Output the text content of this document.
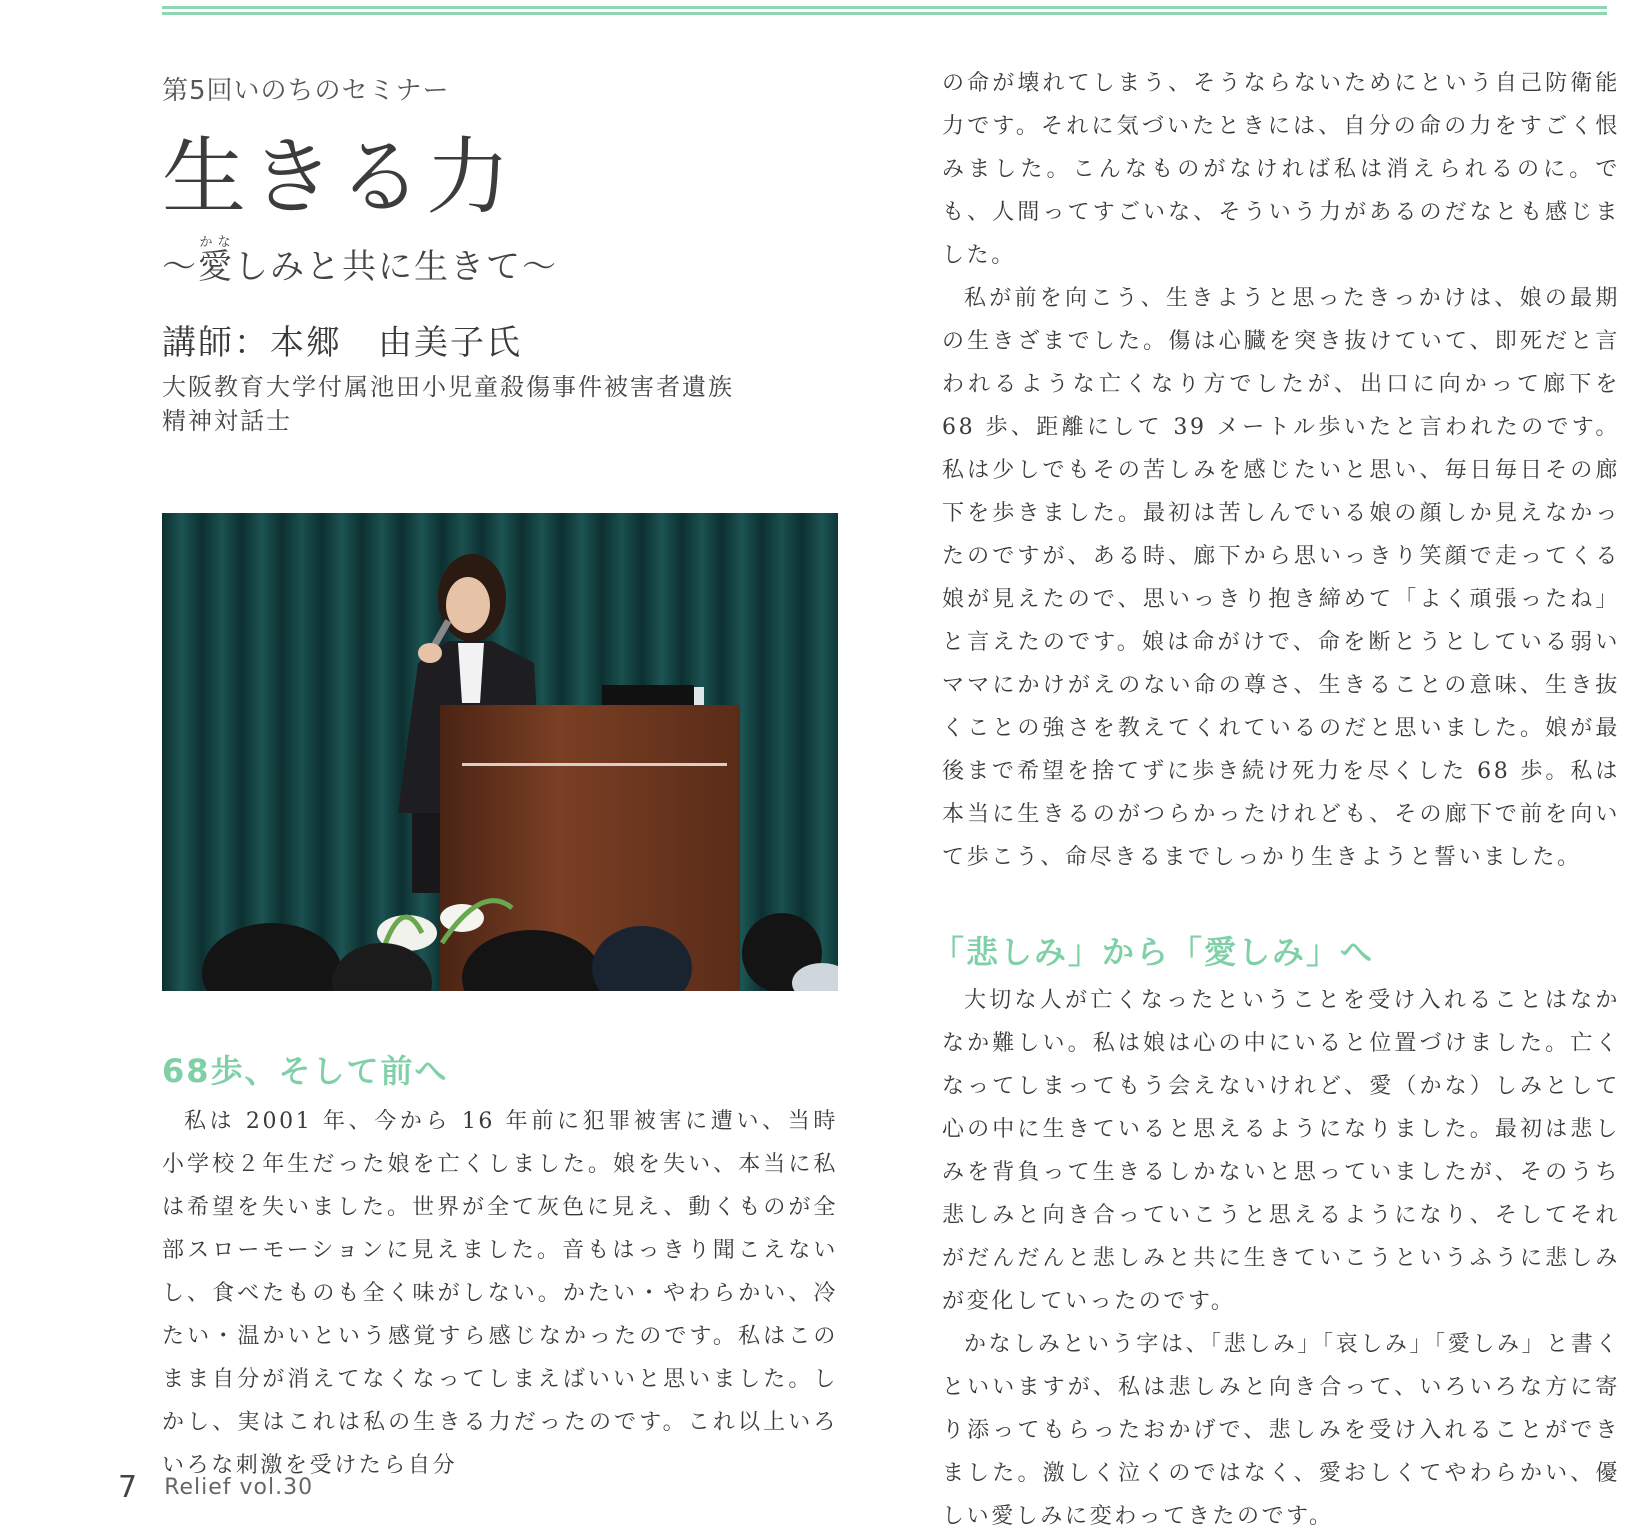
第5回いのちのセミナー

生きる力

～愛かなしみと共に生きて～

講師：本郷　由美子氏

大阪教育大学付属池田小児童殺傷事件被害者遺族
精神対話士

68歩、そして前へ

私は 2001 年、今から 16 年前に犯罪被害に遭い、当時小学校２年生だった娘を亡くしました。娘を失い、本当に私は希望を失いました。世界が全て灰色に見え、動くものが全部スローモーションに見えました。音もはっきり聞こえないし、食べたものも全く味がしない。かたい・やわらかい、冷たい・温かいという感覚すら感じなかったのです。私はこのまま自分が消えてなくなってしまえばいいと思いました。しかし、実はこれは私の生きる力だったのです。これ以上いろいろな刺激を受けたら自分

の命が壊れてしまう、そうならないためにという自己防衛能力です。それに気づいたときには、自分の命の力をすごく恨みました。こんなものがなければ私は消えられるのに。でも、人間ってすごいな、そういう力があるのだなとも感じました。

私が前を向こう、生きようと思ったきっかけは、娘の最期の生きざまでした。傷は心臓を突き抜けていて、即死だと言われるような亡くなり方でしたが、出口に向かって廊下を 68 歩、距離にして 39 メートル歩いたと言われたのです。私は少しでもその苦しみを感じたいと思い、毎日毎日その廊下を歩きました。最初は苦しんでいる娘の顔しか見えなかったのですが、ある時、廊下から思いっきり笑顔で走ってくる娘が見えたので、思いっきり抱き締めて「よく頑張ったね」と言えたのです。娘は命がけで、命を断とうとしている弱いママにかけがえのない命の尊さ、生きることの意味、生き抜くことの強さを教えてくれているのだと思いました。娘が最後まで希望を捨てずに歩き続け死力を尽くした 68 歩。私は本当に生きるのがつらかったけれども、その廊下で前を向いて歩こう、命尽きるまでしっかり生きようと誓いました。

「悲しみ」から「愛しみ」へ

大切な人が亡くなったということを受け入れることはなかなか難しい。私は娘は心の中にいると位置づけました。亡くなってしまってもう会えないけれど、愛（かな）しみとして心の中に生きていると思えるようになりました。最初は悲しみを背負って生きるしかないと思っていましたが、そのうち悲しみと向き合っていこうと思えるようになり、そしてそれがだんだんと悲しみと共に生きていこうというふうに悲しみが変化していったのです。

かなしみという字は、「悲しみ」「哀しみ」「愛しみ」と書くといいますが、私は悲しみと向き合って、いろいろな方に寄り添ってもらったおかげで、悲しみを受け入れることができました。激しく泣くのではなく、愛おしくてやわらかい、優しい愛しみに変わってきたのです。

7 Relief vol.30
